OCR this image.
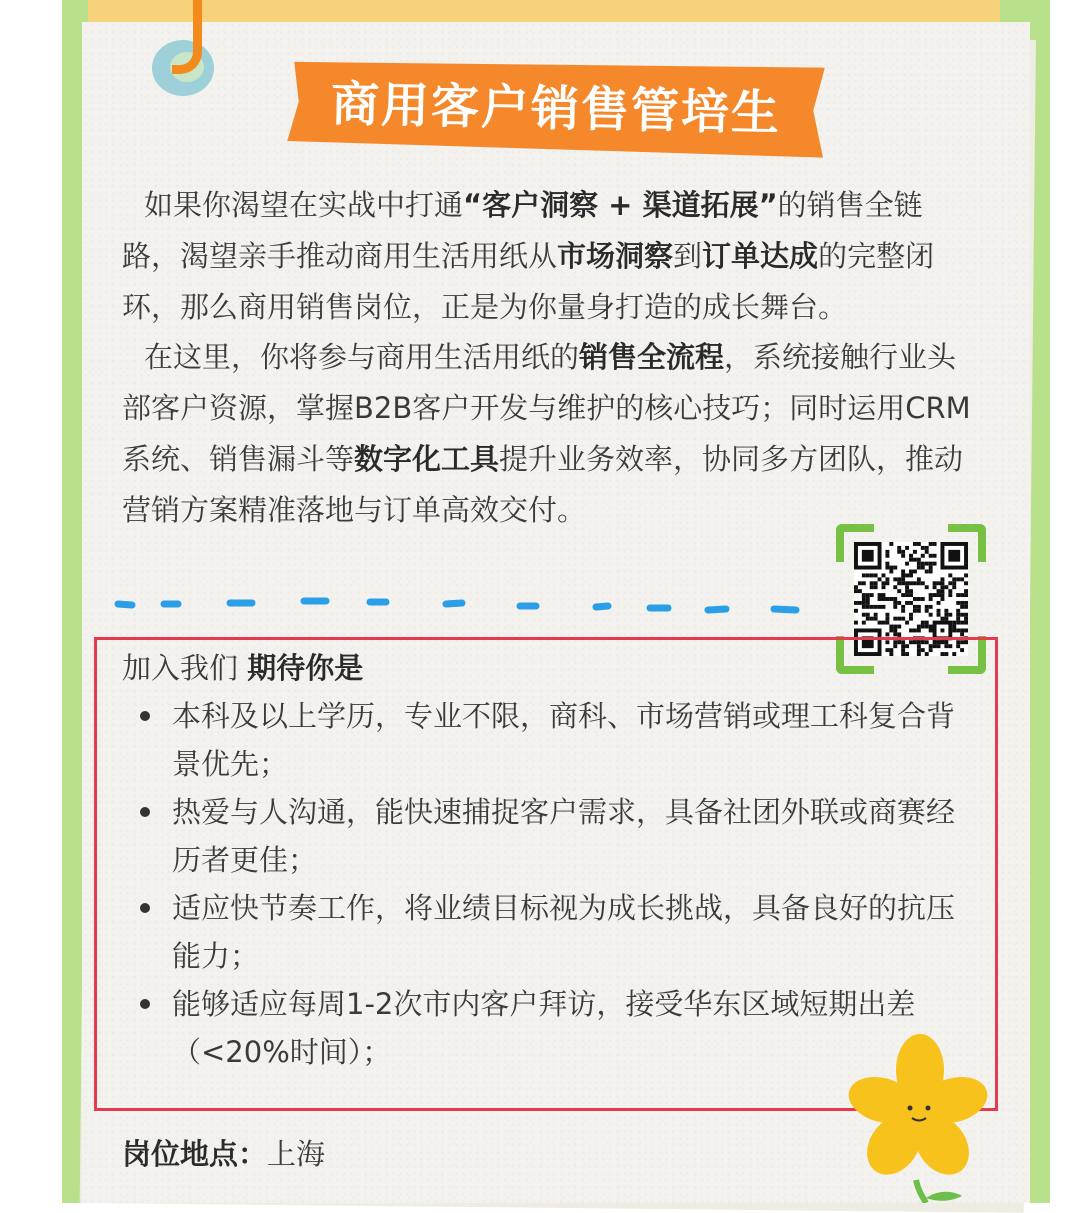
商用客户销售管培生

如果你渴望在实战中打通“客户洞察 + 渠道拓展”的销售全链路，渴望亲手推动商用生活用纸从市场洞察到订单达成的完整闭环，那么商用销售岗位，正是为你量身打造的成长舞台。

在这里，你将参与商用生活用纸的销售全流程，系统接触行业头部客户资源，掌握B2B客户开发与维护的核心技巧；同时运用CRM系统、销售漏斗等数字化工具提升业务效率，协同多方团队，推动营销方案精准落地与订单高效交付。

加入我们 期待你是

本科及以上学历，专业不限，商科、市场营销或理工科复合背景优先；
热爱与人沟通，能快速捕捉客户需求，具备社团外联或商赛经历者更佳；
适应快节奏工作，将业绩目标视为成长挑战，具备良好的抗压能力；
能够适应每周1-2次市内客户拜访，接受华东区域短期出差（<20%时间）；

岗位地点：上海
